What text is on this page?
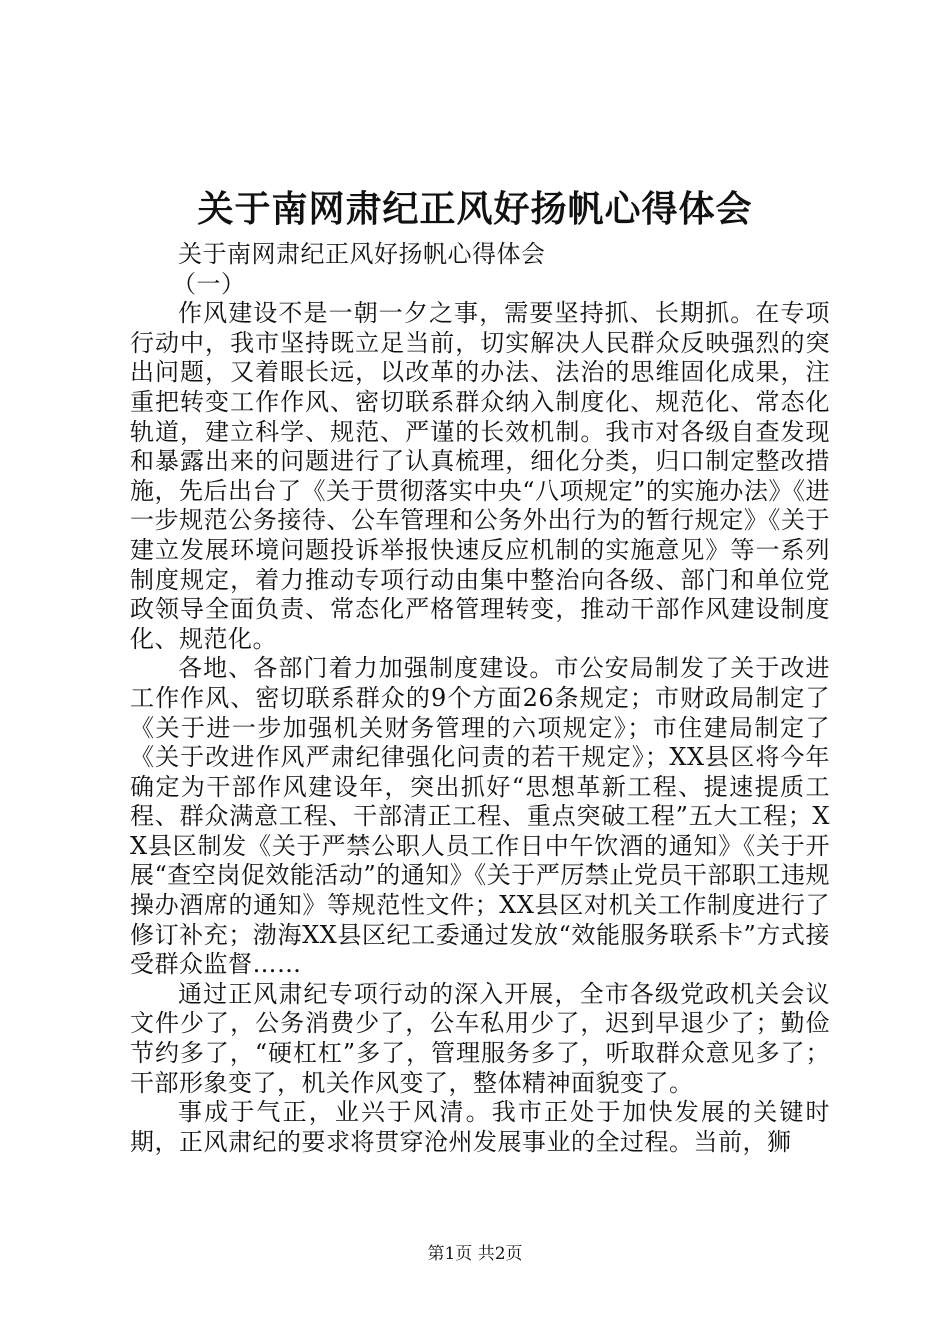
关于南网肃纪正风好扬帆心得体会

关于南网肃纪正风好扬帆心得体会

（一）

作风建设不是一朝一夕之事，需要坚持抓、长期抓。在专项行动中，我市坚持既立足当前，切实解决人民群众反映强烈的突出问题，又着眼长远，以改革的办法、法治的思维固化成果，注重把转变工作作风、密切联系群众纳入制度化、规范化、常态化轨道，建立科学、规范、严谨的长效机制。我市对各级自查发现和暴露出来的问题进行了认真梳理，细化分类，归口制定整改措施，先后出台了《关于贯彻落实中央“八项规定”的实施办法》《进一步规范公务接待、公车管理和公务外出行为的暂行规定》《关于建立发展环境问题投诉举报快速反应机制的实施意见》等一系列制度规定，着力推动专项行动由集中整治向各级、部门和单位党政领导全面负责、常态化严格管理转变，推动干部作风建设制度化、规范化。

各地、各部门着力加强制度建设。市公安局制发了关于改进工作作风、密切联系群众的9个方面26条规定；市财政局制定了《关于进一步加强机关财务管理的六项规定》；市住建局制定了《关于改进作风严肃纪律强化问责的若干规定》；XX县区将今年确定为干部作风建设年，突出抓好“思想革新工程、提速提质工程、群众满意工程、干部清正工程、重点突破工程”五大工程；XX县区制发《关于严禁公职人员工作日中午饮酒的通知》《关于开展“查空岗促效能活动”的通知》《关于严厉禁止党员干部职工违规操办酒席的通知》等规范性文件；XX县区对机关工作制度进行了修订补充；渤海XX县区纪工委通过发放“效能服务联系卡”方式接受群众监督……

通过正风肃纪专项行动的深入开展，全市各级党政机关会议文件少了，公务消费少了，公车私用少了，迟到早退少了；勤俭节约多了，“硬杠杠”多了，管理服务多了，听取群众意见多了；干部形象变了，机关作风变了，整体精神面貌变了。

事成于气正，业兴于风清。我市正处于加快发展的关键时期，正风肃纪的要求将贯穿沧州发展事业的全过程。当前，狮

第1页 共2页
